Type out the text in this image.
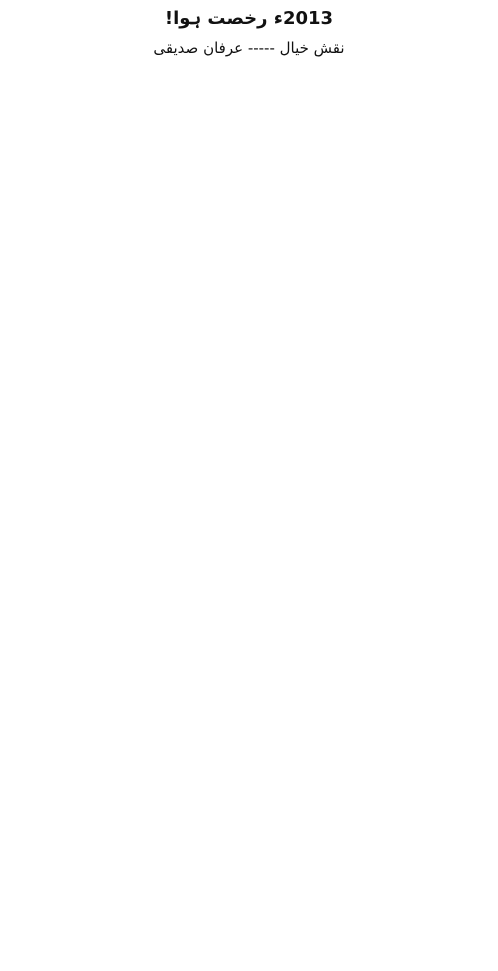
2013ء رخصت ہوا!
نقش خیال ----- عرفان صدیقی
